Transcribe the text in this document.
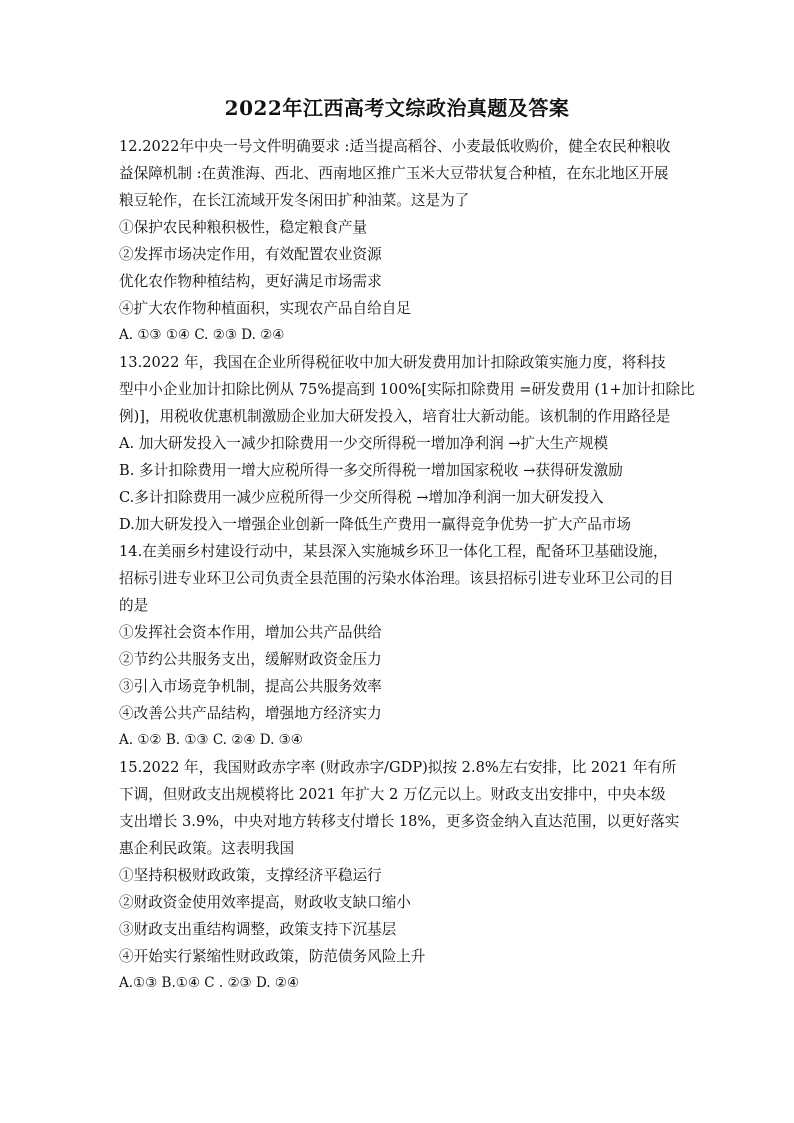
2022年江西高考文综政治真题及答案
12.2022年中央一号文件明确要求 :适当提高稻谷、小麦最低收购价，健全农民种粮收
益保障机制 :在黄淮海、西北、西南地区推广玉米大豆带状复合种植，在东北地区开展
粮豆轮作，在长江流域开发冬闲田扩种油菜。这是为了
①保护农民种粮积极性，稳定粮食产量
②发挥市场决定作用，有效配置农业资源
优化农作物种植结构，更好满足市场需求
④扩大农作物种植面积，实现农产品自给自足
A. ①③ ①④ C. ②③ D. ②④
13.2022 年，我国在企业所得税征收中加大研发费用加计扣除政策实施力度，将科技
型中小企业加计扣除比例从 75%提高到 100%[实际扣除费用 =研发费用 (1+加计扣除比
例)]，用税收优惠机制激励企业加大研发投入，培育壮大新动能。该机制的作用路径是
A. 加大研发投入一减少扣除费用一少交所得税一增加净利润 →扩大生产规模
B. 多计扣除费用一增大应税所得一多交所得税一增加国家税收 →获得研发激励
C.多计扣除费用一减少应税所得一少交所得税 →增加净利润一加大研发投入
D.加大研发投入一增强企业创新一降低生产费用一赢得竞争优势一扩大产品市场
14.在美丽乡村建设行动中，某县深入实施城乡环卫一体化工程，配备环卫基础设施，
招标引进专业环卫公司负责全县范围的污染水体治理。该县招标引进专业环卫公司的目
的是
①发挥社会资本作用，增加公共产品供给
②节约公共服务支出，缓解财政资金压力
③引入市场竞争机制，提高公共服务效率
④改善公共产品结构，增强地方经济实力
A. ①② B. ①③ C. ②④ D. ③④
15.2022 年，我国财政赤字率 (财政赤字/GDP)拟按 2.8%左右安排，比 2021 年有所
下调，但财政支出规模将比 2021 年扩大 2 万亿元以上。财政支出安排中，中央本级
支出增长 3.9%，中央对地方转移支付增长 18%，更多资金纳入直达范围，以更好落实
惠企利民政策。这表明我国
①坚持积极财政政策，支撑经济平稳运行
②财政资金使用效率提高，财政收支缺口缩小
③财政支出重结构调整，政策支持下沉基层
④开始实行紧缩性财政政策，防范债务风险上升
A.①③ B.①④ C . ②③ D. ②④
